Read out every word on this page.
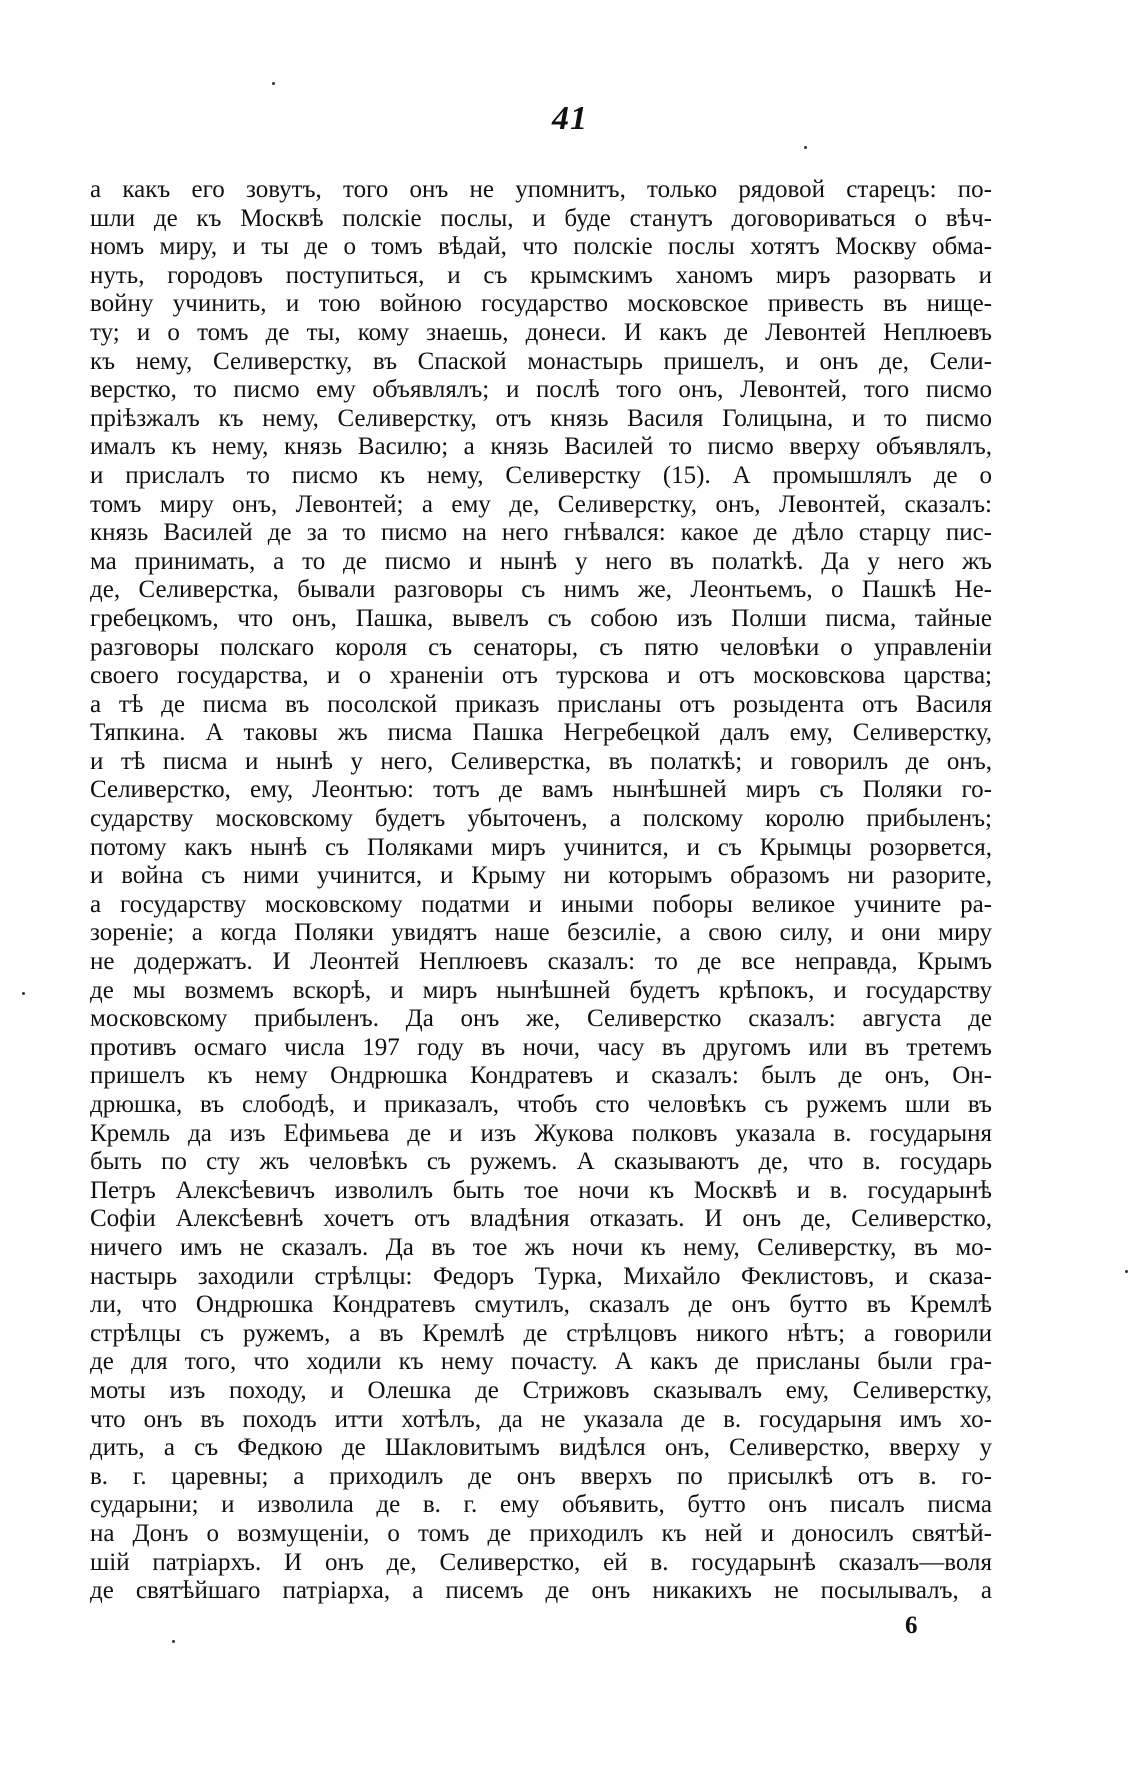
41
а какъ его зовутъ, того онъ не упомнитъ, только рядовой старецъ: по-
шли де къ Москвѣ полскіе послы, и буде станутъ договориваться о вѣч-
номъ миру, и ты де о томъ вѣдай, что полскіе послы хотятъ Москву обма-
нуть, городовъ поступиться, и съ крымскимъ ханомъ миръ разорвать и
войну учинить, и тою войною государство московское привесть въ нище-
ту; и о томъ де ты, кому знаешь, донеси. И какъ де Левонтей Неплюевъ
къ нему, Селиверстку, въ Спаской монастырь пришелъ, и онъ де, Сели-
верстко, то писмо ему объявлялъ; и послѣ того онъ, Левонтей, того писмо
пріѣзжалъ къ нему, Селиверстку, отъ князь Василя Голицына, и то писмо
ималъ къ нему, князь Василю; а князь Василей то писмо вверху объявлялъ,
и прислалъ то писмо къ нему, Селиверстку (15). А промышлялъ де о
томъ миру онъ, Левонтей; а ему де, Селиверстку, онъ, Левонтей, сказалъ:
князь Василей де за то писмо на него гнѣвался: какое де дѣло старцу пис-
ма принимать, а то де писмо и нынѣ у него въ полатkѣ. Да у него жъ
де, Селиверстка, бывали разговоры съ нимъ же, Леонтьемъ, о Пашкѣ Не-
гребецкомъ, что онъ, Пашка, вывелъ съ собою изъ Полши писма, тайные
разговоры полскаго короля съ сенаторы, съ пятю человѣки о управленіи
своего государства, и о храненіи отъ турскова и отъ московскова царства;
а тѣ де писма въ посолской приказъ присланы отъ розыдента отъ Василя
Тяпкина. А таковы жъ писма Пашка Негребецкой далъ ему, Селиверстку,
и тѣ писма и нынѣ у него, Селиверстка, въ полаткѣ; и говорилъ де онъ,
Селиверстко, ему, Леонтью: тотъ де вамъ нынѣшней миръ съ Поляки го-
сударству московскому будетъ убыточенъ, а полскому королю прибыленъ;
потому какъ нынѣ съ Поляками миръ учинится, и съ Крымцы розорвется,
и война съ ними учинится, и Крыму ни которымъ образомъ ни разорите,
а государству московскому податми и иными поборы великое учините ра-
зореніе; а когда Поляки увидятъ наше безсиліе, а свою силу, и они миру
не додержатъ. И Леонтей Неплюевъ сказалъ: то де все неправда, Крымъ
де мы возмемъ вскорѣ, и миръ нынѣшней будетъ крѣпокъ, и государству
московскому прибыленъ. Да онъ же, Селиверстко сказалъ: августа де
противъ осмаго числа 197 году въ ночи, часу въ другомъ или въ третемъ
пришелъ къ нему Ондрюшка Кондратевъ и сказалъ: былъ де онъ, Он-
дрюшка, въ слободѣ, и приказалъ, чтобъ сто человѣкъ съ ружемъ шли въ
Кремль да изъ Ефимьева де и изъ Жукова полковъ указала в. государыня
быть по сту жъ человѣкъ съ ружемъ. А сказываютъ де, что в. государь
Петръ Алексѣевичъ изволилъ быть тое ночи къ Москвѣ и в. государынѣ
Софіи Алексѣевнѣ хочетъ отъ владѣния отказать. И онъ де, Селиверстко,
ничего имъ не сказалъ. Да въ тое жъ ночи къ нему, Селиверстку, въ мо-
настырь заходили стрѣлцы: Федоръ Турка, Михайло Феклистовъ, и сказа-
ли, что Ондрюшка Кондратевъ смутилъ, сказалъ де онъ бутто въ Кремлѣ
стрѣлцы съ ружемъ, а въ Кремлѣ де стрѣлцовъ никого нѣтъ; а говорили
де для того, что ходили къ нему почасту. А какъ де присланы были гра-
моты изъ походу, и Олешка де Стрижовъ сказывалъ ему, Селиверстку,
что онъ въ походъ итти хотѣлъ, да не указала де в. государыня имъ хо-
дить, а съ Федкою де Шакловитымъ видѣлся онъ, Селиверстко, вверху у
в. г. царевны; а приходилъ де онъ вверхъ по присылкѣ отъ в. го-
сударыни; и изволила де в. г. ему объявить, бутто онъ писалъ писма
на Донъ о возмущеніи, о томъ де приходилъ къ ней и доносилъ святѣй-
шій патріархъ. И онъ де, Селиверстко, ей в. государынѣ сказалъ—воля
де святѣйшаго патріарха, а писемъ де онъ никакихъ не посылывалъ, а
6
